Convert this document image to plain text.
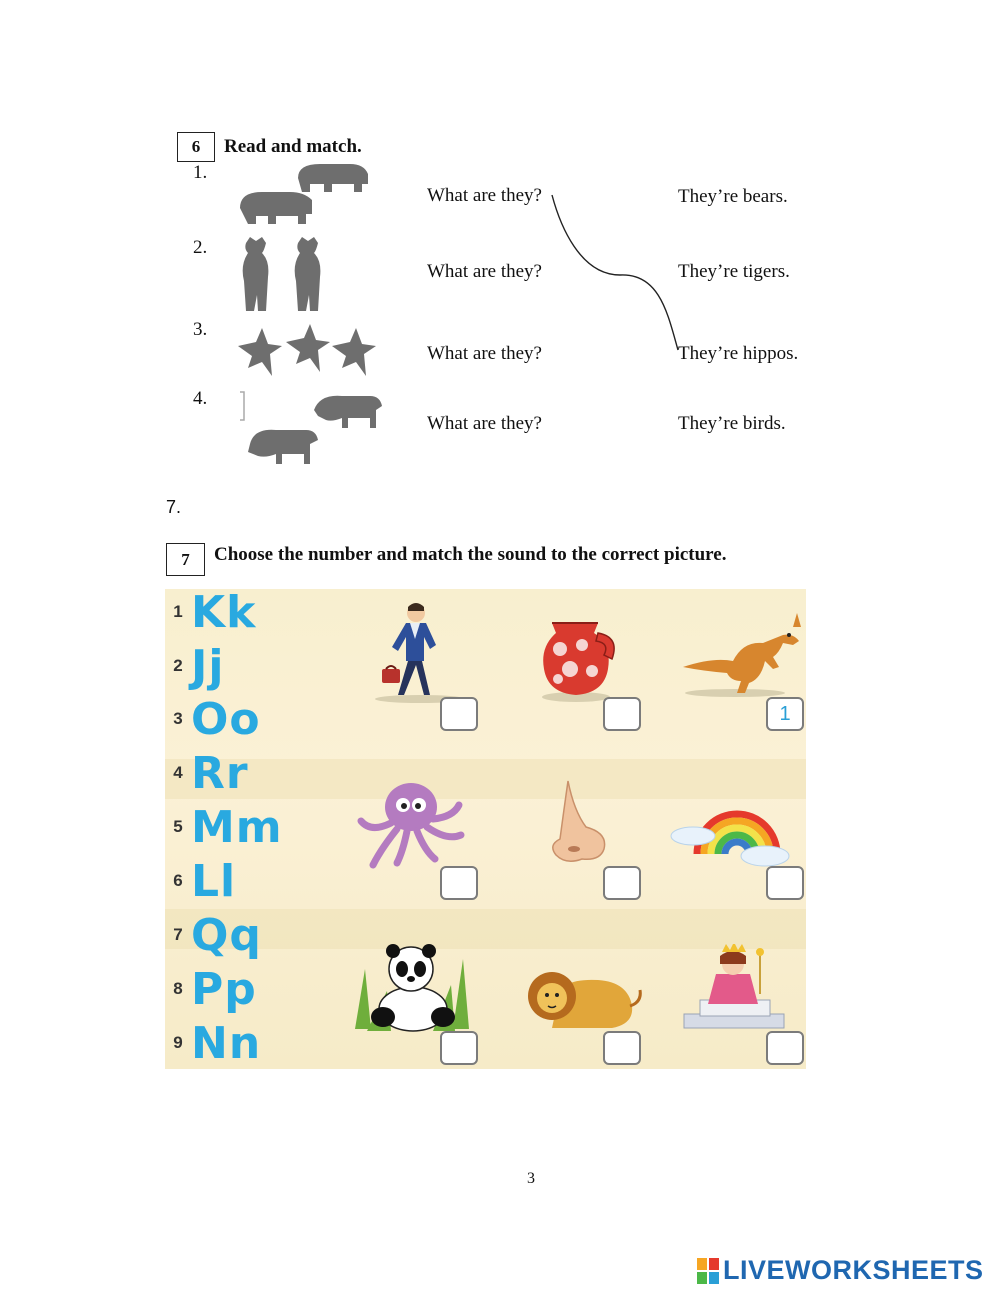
6	Read and match.
1.
2.
3.
4.
What are they?
What are they?
What are they?
What are they?
They’re bears.
They’re tigers.
They’re hippos.
They’re birds.
7.
7	Choose the number and match the sound to the correct picture.
1 Kk
2 Jj
3 Oo
4 Rr
5 Mm
6 Ll
7 Qq
8 Pp
9 Nn
1
3
LIVEWORKSHEETS
